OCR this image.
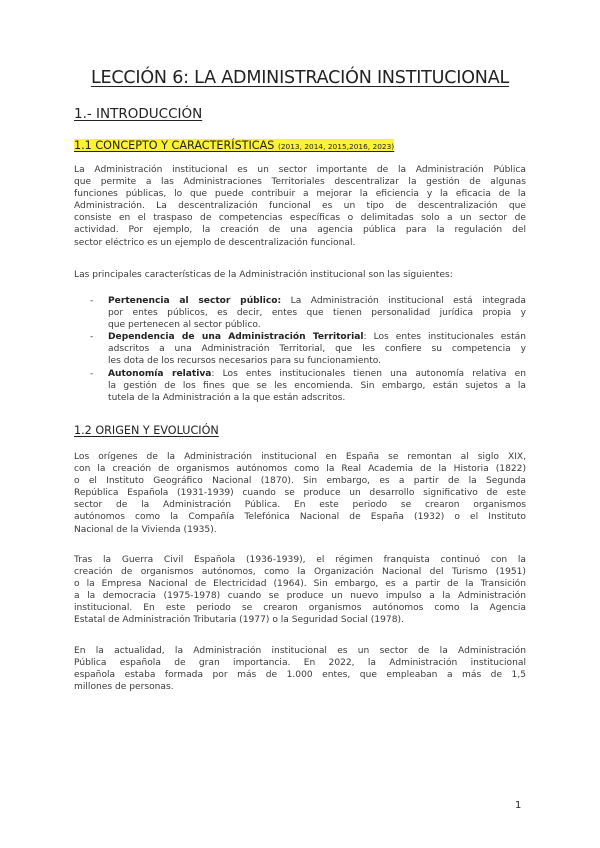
LECCIÓN 6: LA ADMINISTRACIÓN INSTITUCIONAL
1.- INTRODUCCIÓN
1.1 CONCEPTO Y CARACTERÍSTICAS (2013, 2014, 2015,2016, 2023)
La Administración institucional es un sector importante de la Administración Pública
que permite a las Administraciones Territoriales descentralizar la gestión de algunas
funciones públicas, lo que puede contribuir a mejorar la eficiencia y la eficacia de la
Administración. La descentralización funcional es un tipo de descentralización que
consiste en el traspaso de competencias específicas o delimitadas solo a un sector de
actividad. Por ejemplo, la creación de una agencia pública para la regulación del
sector eléctrico es un ejemplo de descentralización funcional.
Las principales características de la Administración institucional son las siguientes:
- Pertenencia al sector público: La Administración institucional está integrada
por entes públicos, es decir, entes que tienen personalidad jurídica propia y
que pertenecen al sector público.
- Dependencia de una Administración Territorial: Los entes institucionales están
adscritos a una Administración Territorial, que les confiere su competencia y
les dota de los recursos necesarios para su funcionamiento.
- Autonomía relativa: Los entes institucionales tienen una autonomía relativa en
la gestión de los fines que se les encomienda. Sin embargo, están sujetos a la
tutela de la Administración a la que están adscritos.
1.2 ORIGEN Y EVOLUCIÓN
Los orígenes de la Administración institucional en España se remontan al siglo XIX,
con la creación de organismos autónomos como la Real Academia de la Historia (1822)
o el Instituto Geográfico Nacional (1870). Sin embargo, es a partir de la Segunda
República Española (1931-1939) cuando se produce un desarrollo significativo de este
sector de la Administración Pública. En este periodo se crearon organismos
autónomos como la Compañía Telefónica Nacional de España (1932) o el Instituto
Nacional de la Vivienda (1935).
Tras la Guerra Civil Española (1936-1939), el régimen franquista continuó con la
creación de organismos autónomos, como la Organización Nacional del Turismo (1951)
o la Empresa Nacional de Electricidad (1964). Sin embargo, es a partir de la Transición
a la democracia (1975-1978) cuando se produce un nuevo impulso a la Administración
institucional. En este periodo se crearon organismos autónomos como la Agencia
Estatal de Administración Tributaria (1977) o la Seguridad Social (1978).
En la actualidad, la Administración institucional es un sector de la Administración
Pública española de gran importancia. En 2022, la Administración institucional
española estaba formada por más de 1.000 entes, que empleaban a más de 1,5
millones de personas.
1
